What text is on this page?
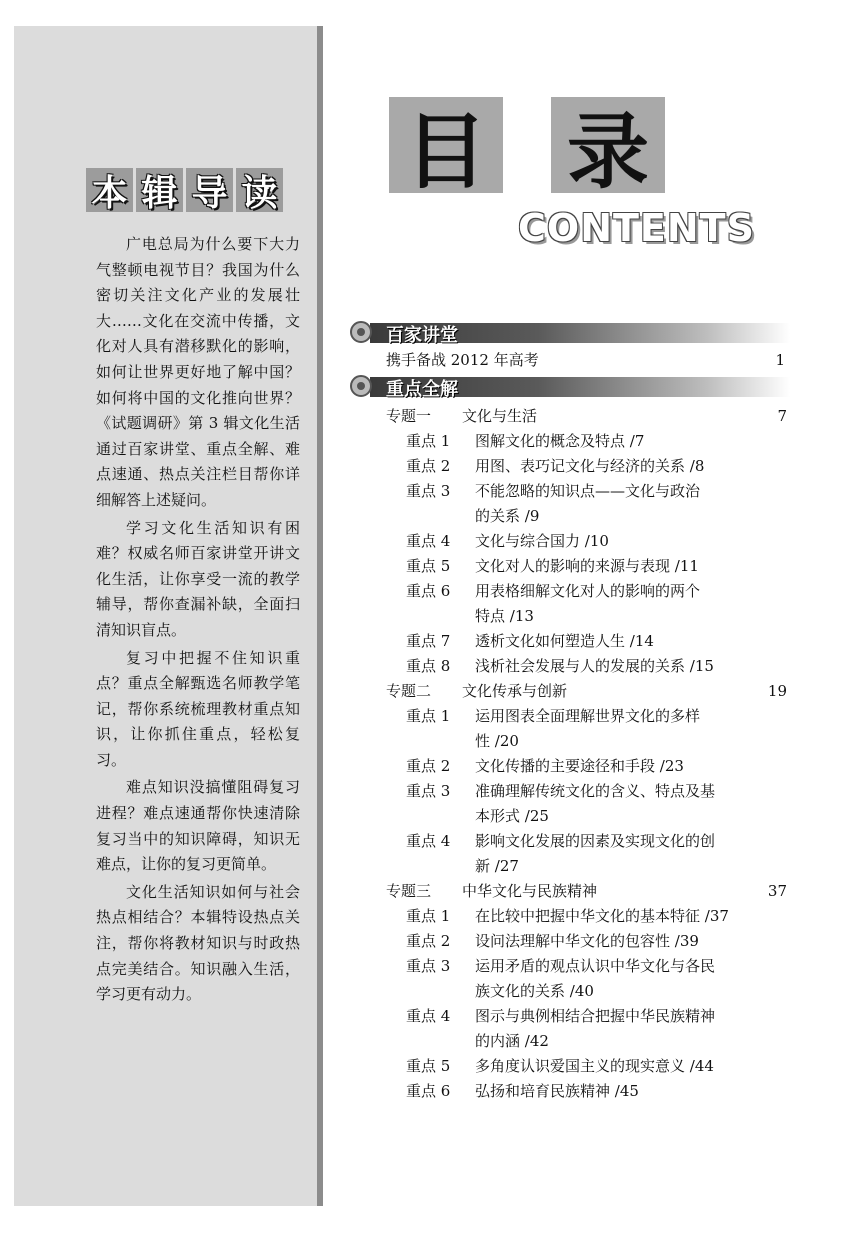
本 辑 导 读

广电总局为什么要下大力气整顿电视节目？我国为什么密切关注文化产业的发展壮大……文化在交流中传播，文化对人具有潜移默化的影响，如何让世界更好地了解中国？如何将中国的文化推向世界？《试题调研》第 3 辑文化生活通过百家讲堂、重点全解、难点速通、热点关注栏目帮你详细解答上述疑问。

学习文化生活知识有困难？权威名师百家讲堂开讲文化生活，让你享受一流的教学辅导，帮你查漏补缺，全面扫清知识盲点。

复习中把握不住知识重点？重点全解甄选名师教学笔记，帮你系统梳理教材重点知识，让你抓住重点，轻松复习。

难点知识没搞懂阻碍复习进程？难点速通帮你快速清除复习当中的知识障碍，知识无难点，让你的复习更简单。

文化生活知识如何与社会热点相结合？本辑特设热点关注，帮你将教材知识与时政热点完美结合。知识融入生活，学习更有动力。

目 录
CONTENTS
百家讲堂
携手备战 2012 年高考	1
重点全解
专题一 文化与生活	7
重点 1 图解文化的概念及特点 /7
重点 2 用图、表巧记文化与经济的关系 /8
重点 3 不能忽略的知识点——文化与政治
的关系 /9
重点 4 文化与综合国力 /10
重点 5 文化对人的影响的来源与表现 /11
重点 6 用表格细解文化对人的影响的两个
特点 /13
重点 7 透析文化如何塑造人生 /14
重点 8 浅析社会发展与人的发展的关系 /15
专题二 文化传承与创新	19
重点 1 运用图表全面理解世界文化的多样
性 /20
重点 2 文化传播的主要途径和手段 /23
重点 3 准确理解传统文化的含义、特点及基
本形式 /25
重点 4 影响文化发展的因素及实现文化的创
新 /27
专题三 中华文化与民族精神	37
重点 1 在比较中把握中华文化的基本特征 /37
重点 2 设问法理解中华文化的包容性 /39
重点 3 运用矛盾的观点认识中华文化与各民
族文化的关系 /40
重点 4 图示与典例相结合把握中华民族精神
的内涵 /42
重点 5 多角度认识爱国主义的现实意义 /44
重点 6 弘扬和培育民族精神 /45
